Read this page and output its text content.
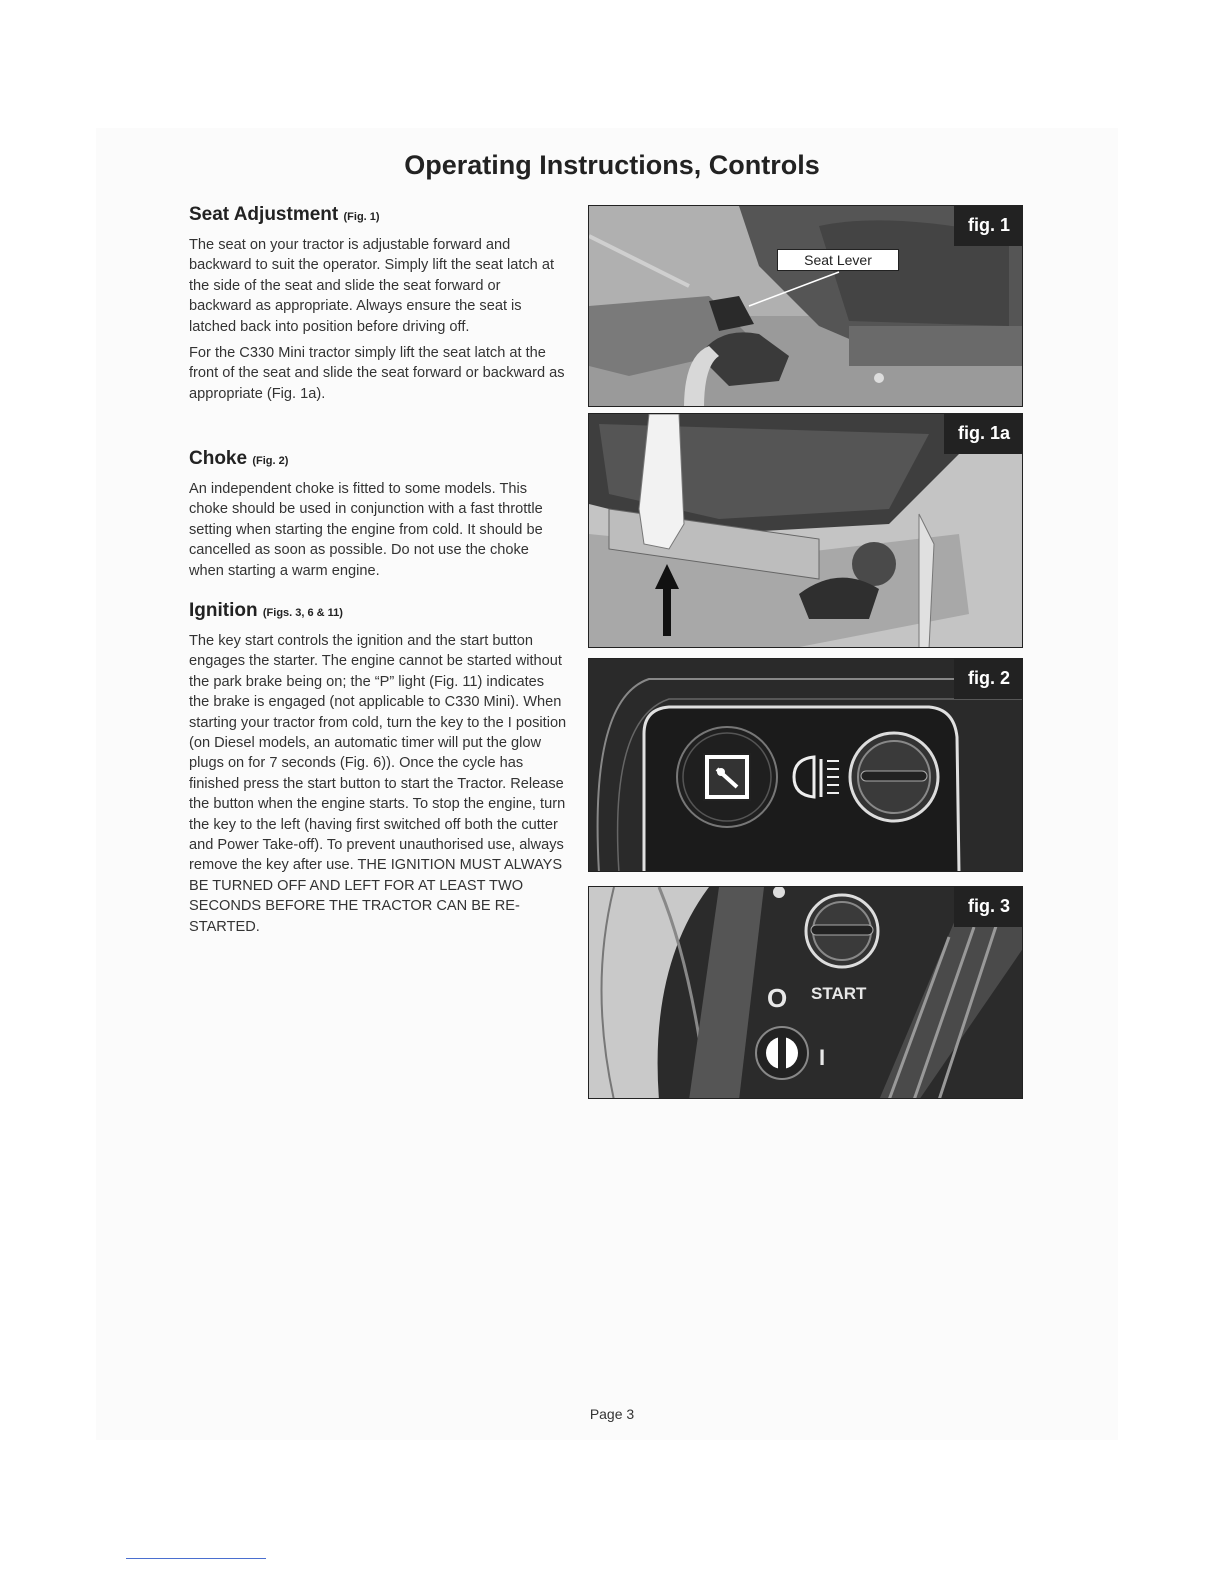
Operating Instructions, Controls
Seat Adjustment (Fig. 1)

The seat on your tractor is adjustable forward and backward to suit the operator. Simply lift the seat latch at the side of the seat and slide the seat forward or backward as appropriate. Always ensure the seat is latched back into position before driving off.

For the C330 Mini tractor simply lift the seat latch at the front of the seat and slide the seat forward or backward as appropriate (Fig. 1a).

Choke (Fig. 2)

An independent choke is fitted to some models. This choke should be used in conjunction with a fast throttle setting when starting the engine from cold. It should be cancelled as soon as possible. Do not use the choke when starting a warm engine.

Ignition (Figs. 3, 6 & 11)

The key start controls the ignition and the start button engages the starter. The engine cannot be started without the park brake being on; the “P” light (Fig. 11) indicates the brake is engaged (not applicable to C330 Mini). When starting your tractor from cold, turn the key to the I position (on Diesel models, an automatic timer will put the glow plugs on for 7 seconds (Fig. 6)). Once the cycle has finished press the start button to start the Tractor. Release the button when the engine starts. To stop the engine, turn the key to the left (having first switched off both the cutter and Power Take-off). To prevent unauthorised use, always remove the key after use. THE IGNITION MUST ALWAYS BE TURNED OFF AND LEFT FOR AT LEAST TWO SECONDS BEFORE THE TRACTOR CAN BE RE-STARTED.

Seat Lever
fig. 1
fig. 1a
fig. 2
O START
I
fig. 3
Page 3
